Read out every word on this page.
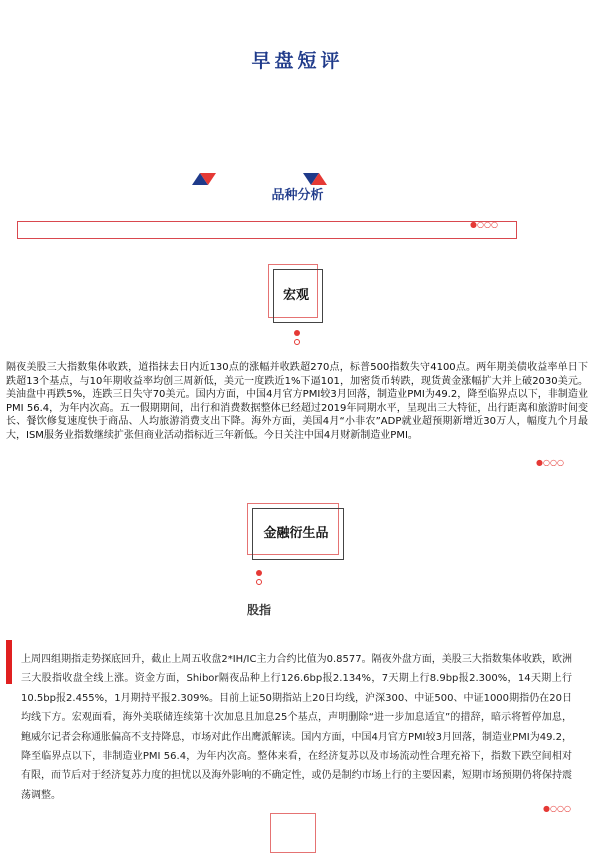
早盘短评
品种分析
●○○○
宏观
隔夜美股三大指数集体收跌，道指抹去日内近130点的涨幅并收跌超270点，标普500指数失守4100点。两年期美债收益率单日下跌超13个基点，与10年期收益率均创三周新低，美元一度跌近1%下逼101，加密货币转跌，现货黄金涨幅扩大并上破2030美元。美油盘中再跌5%，连跌三日失守70美元。国内方面，中国4月官方PMI较3月回落，制造业PMI为49.2，降至临界点以下，非制造业PMI 56.4，为年内次高。五一假期期间，出行和消费数据整体已经超过2019年同期水平，呈现出三大特征，出行距离和旅游时间变长、餐饮修复速度快于商品、人均旅游消费支出下降。海外方面，美国4月“小非农”ADP就业超预期新增近30万人，幅度九个月最大，ISM服务业指数继续扩张但商业活动指标近三年新低。今日关注中国4月财新制造业PMI。
●○○○
金融衍生品
股指
上周四组期指走势探底回升，截止上周五收盘2*IH/IC主力合约比值为0.8577。隔夜外盘方面，美股三大指数集体收跌，欧洲三大股指收盘全线上涨。资金方面，Shibor隔夜品种上行126.6bp报2.134%，7天期上行8.9bp报2.300%，14天期上行10.5bp报2.455%，1月期持平报2.309%。目前上证50期指站上20日均线，沪深300、中证500、中证1000期指仍在20日均线下方。宏观面看，海外美联储连续第十次加息且加息25个基点，声明删除“进一步加息适宜”的措辞，暗示将暂停加息，鲍威尔记者会称通胀偏高不支持降息，市场对此作出鹰派解读。国内方面，中国4月官方PMI较3月回落，制造业PMI为49.2，降至临界点以下，非制造业PMI 56.4，为年内次高。整体来看，在经济复苏以及市场流动性合理充裕下，指数下跌空间相对有限，而节后对于经济复苏力度的担忧以及海外影响的不确定性，或仍是制约市场上行的主要因素，短期市场预期仍将保持震荡调整。
●○○○
